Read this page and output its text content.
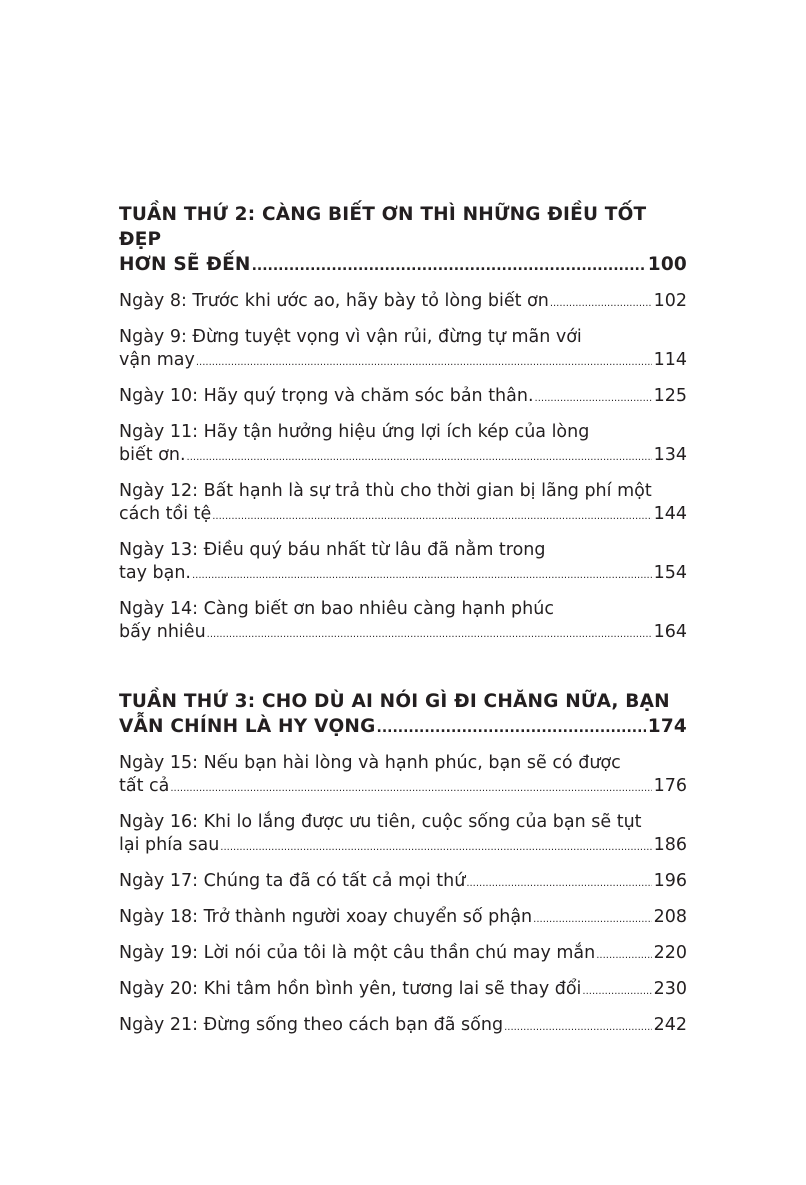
TUẦN THỨ 2: CÀNG BIẾT ƠN THÌ NHỮNG ĐIỀU TỐT ĐẸP
HƠN SẼ ĐẾN .....	100
Ngày 8: Trước khi ước ao, hãy bày tỏ lòng biết ơn .....	102
Ngày 9: Đừng tuyệt vọng vì vận rủi, đừng tự mãn với
vận may .....	114
Ngày 10: Hãy quý trọng và chăm sóc bản thân. .....	125
Ngày 11: Hãy tận hưởng hiệu ứng lợi ích kép của lòng
biết ơn. .....	134
Ngày 12: Bất hạnh là sự trả thù cho thời gian bị lãng phí một
cách tồi tệ .....	144
Ngày 13: Điều quý báu nhất từ lâu đã nằm trong
tay bạn. .....	154
Ngày 14: Càng biết ơn bao nhiêu càng hạnh phúc
bấy nhiêu .....	164
TUẦN THỨ 3: CHO DÙ AI NÓI GÌ ĐI CHĂNG NỮA, BẠN
VẪN CHÍNH LÀ HY VỌNG .....	174
Ngày 15: Nếu bạn hài lòng và hạnh phúc, bạn sẽ có được
tất cả .....	176
Ngày 16: Khi lo lắng được ưu tiên, cuộc sống của bạn sẽ tụt
lại phía sau .....	186
Ngày 17: Chúng ta đã có tất cả mọi thứ .....	196
Ngày 18: Trở thành người xoay chuyển số phận .....	208
Ngày 19: Lời nói của tôi là một câu thần chú may mắn .....	220
Ngày 20: Khi tâm hồn bình yên, tương lai sẽ thay đổi .....	230
Ngày 21: Đừng sống theo cách bạn đã sống .....	242
